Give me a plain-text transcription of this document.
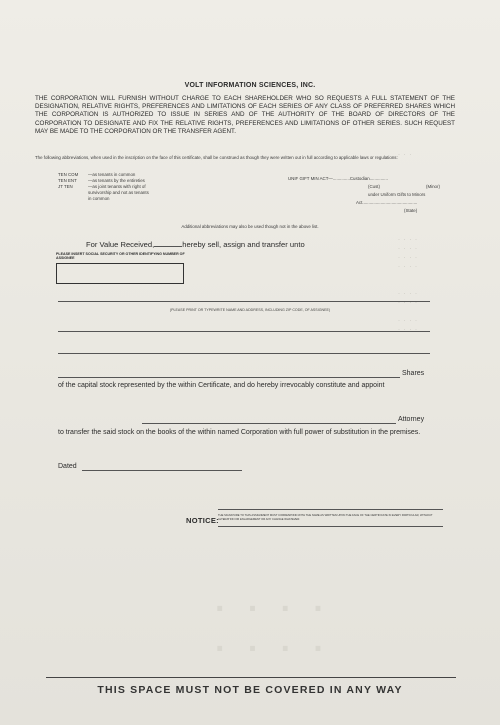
· · ·
· · · ·
· · · ·
· · · ·
· · · ·
· · · ·
· · · ·

· · · ·
· · · ·
· · · ·
· · · ·
VOLT INFORMATION SCIENCES, INC.
THE CORPORATION WILL FURNISH WITHOUT CHARGE TO EACH SHAREHOLDER WHO SO REQUESTS A FULL STATEMENT OF THE DESIGNATION, RELATIVE RIGHTS, PREFERENCES AND LIMITATIONS OF EACH SERIES OF ANY CLASS OF PREFERRED SHARES WHICH THE CORPORATION IS AUTHORIZED TO ISSUE IN SERIES AND OF THE AUTHORITY OF THE BOARD OF DIRECTORS OF THE CORPORATION TO DESIGNATE AND FIX THE RELATIVE RIGHTS, PREFERENCES AND LIMITATIONS OF OTHER SERIES. SUCH REQUEST MAY BE MADE TO THE CORPORATION OR THE TRANSFER AGENT.
The following abbreviations, when used in the inscription on the face of this certificate, shall be construed as though they were written out in full according to applicable laws or regulations:
TEN COM —as tenants in common
TEN ENT	—as tenants by the entireties
JT TEN	—as joint tenants with right of
survivorship and not as tenants
in common
UNIF GIFT MIN ACT—..............Custodian...............
(Cust)	(Minor)
under Uniform Gifts to Minors
Act.............................................
(State)
Additional abbreviations may also be used though not in the above list.
For Value Received,	hereby sell, assign and transfer unto
PLEASE INSERT SOCIAL SECURITY OR OTHER IDENTIFYING NUMBER OF ASSIGNEE
(PLEASE PRINT OR TYPEWRITE NAME AND ADDRESS, INCLUDING ZIP CODE, OF ASSIGNEE)
Shares
of the capital stock represented by the within Certificate, and do hereby irrevocably constitute and appoint
Attorney
to transfer the said stock on the books of the within named Corporation with full power of substitution in the premises.
Dated
NOTICE:
THE SIGNATURE TO THIS ASSIGNMENT MUST CORRESPOND WITH THE NAME AS WRITTEN UPON THE FACE OF THE CERTIFICATE IN EVERY PARTICULAR, WITHOUT ALTERATION OR ENLARGEMENT OR ANY CHANGE WHATEVER.
THIS SPACE MUST NOT BE COVERED IN ANY WAY
